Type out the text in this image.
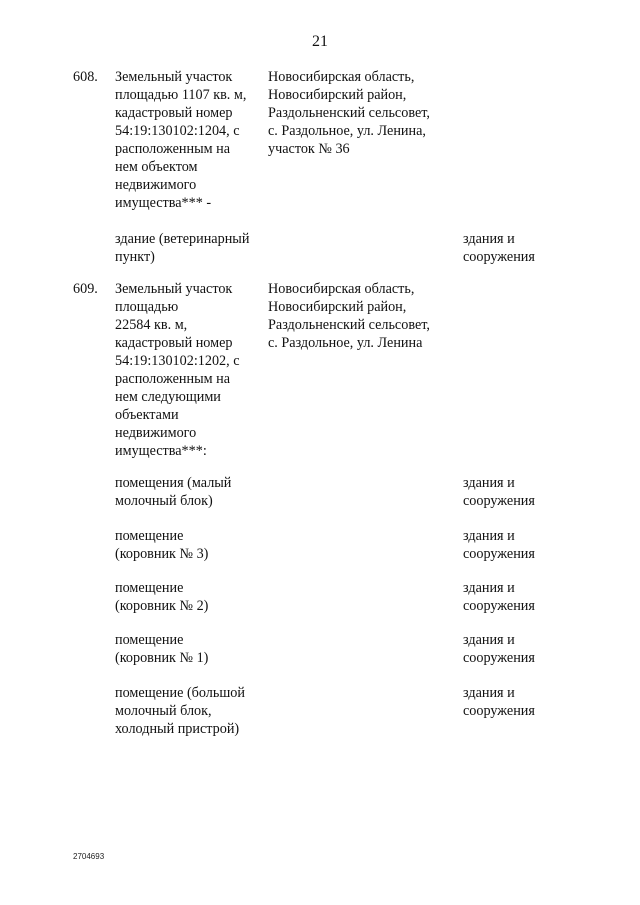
21
608. Земельный участок
площадью 1107 кв. м,
кадастровый номер
54:19:130102:1204, с
расположенным на
нем объектом
недвижимого
имущества*** -
Новосибирская область,
Новосибирский район,
Раздольненский сельсовет,
с. Раздольное, ул. Ленина,
участок № 36
здание (ветеринарный
пункт)
здания и
сооружения
609. Земельный участок
площадью
22584 кв. м,
кадастровый номер
54:19:130102:1202, с
расположенным на
нем следующими
объектами
недвижимого
имущества***:
Новосибирская область,
Новосибирский район,
Раздольненский сельсовет,
с. Раздольное, ул. Ленина
помещения (малый
молочный блок)
здания и
сооружения
помещение
(коровник № 3)
здания и
сооружения
помещение
(коровник № 2)
здания и
сооружения
помещение
(коровник № 1)
здания и
сооружения
помещение (большой
молочный блок,
холодный пристрой)
здания и
сооружения
2704693
